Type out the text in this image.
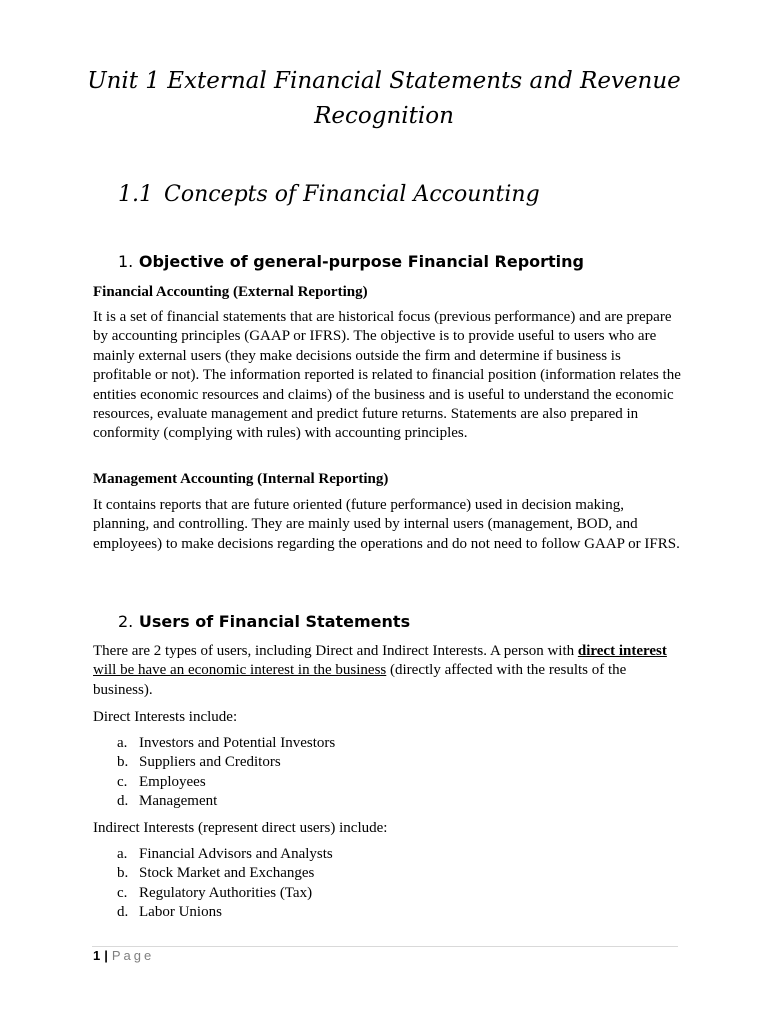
Unit 1 External Financial Statements and Revenue Recognition
1.1 Concepts of Financial Accounting
1. Objective of general-purpose Financial Reporting
Financial Accounting (External Reporting)
It is a set of financial statements that are historical focus (previous performance) and are prepare by accounting principles (GAAP or IFRS). The objective is to provide useful to users who are mainly external users (they make decisions outside the firm and determine if business is profitable or not). The information reported is related to financial position (information relates the entities economic resources and claims) of the business and is useful to understand the economic resources, evaluate management and predict future returns. Statements are also prepared in conformity (complying with rules) with accounting principles.
Management Accounting (Internal Reporting)
It contains reports that are future oriented (future performance) used in decision making, planning, and controlling. They are mainly used by internal users (management, BOD, and employees) to make decisions regarding the operations and do not need to follow GAAP or IFRS.
2. Users of Financial Statements
There are 2 types of users, including Direct and Indirect Interests. A person with direct interest will be have an economic interest in the business (directly affected with the results of the business).
Direct Interests include:
a. Investors and Potential Investors
b. Suppliers and Creditors
c. Employees
d. Management
Indirect Interests (represent direct users) include:
a. Financial Advisors and Analysts
b. Stock Market and Exchanges
c. Regulatory Authorities (Tax)
d. Labor Unions
1 | Page
